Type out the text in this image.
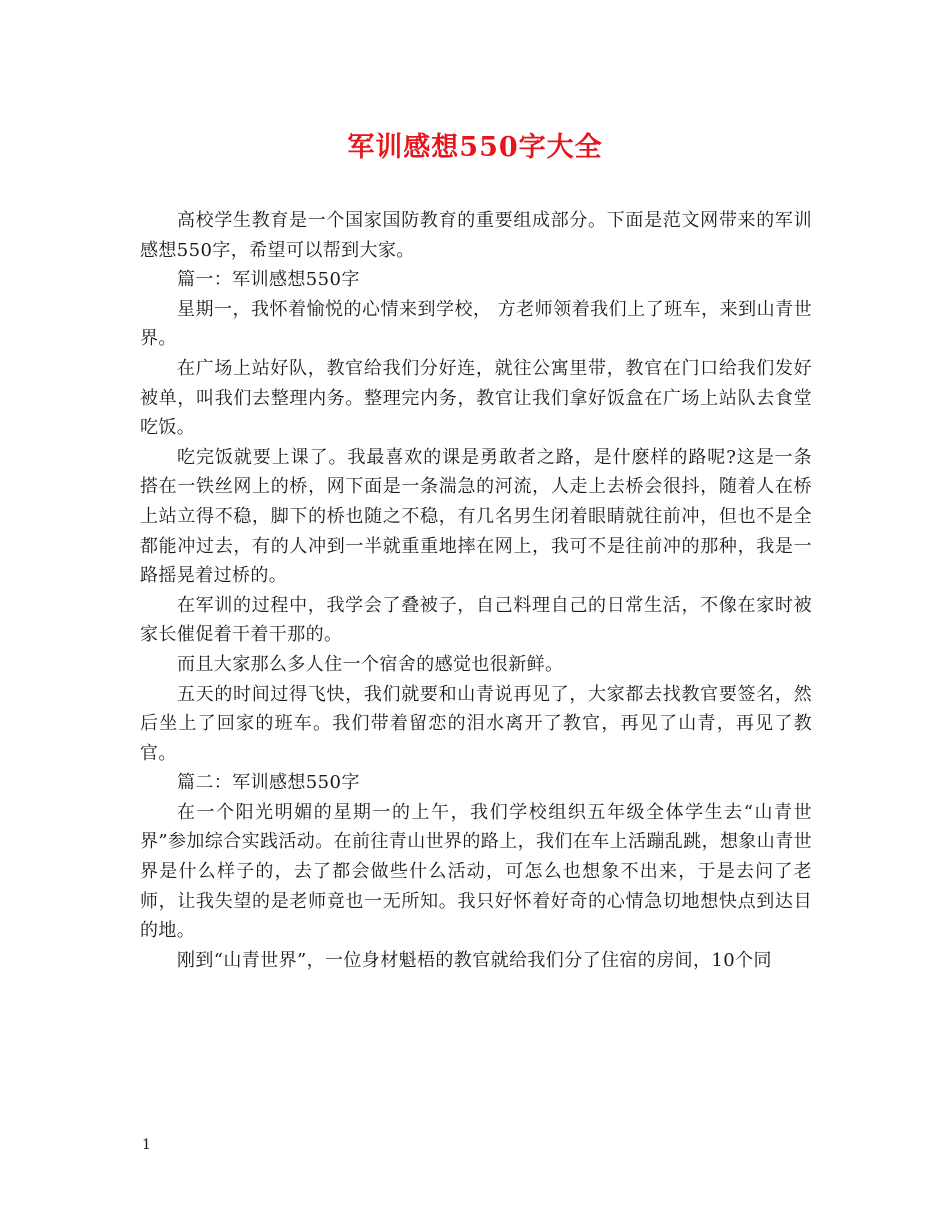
军训感想550字大全

高校学生教育是一个国家国防教育的重要组成部分。下面是范文网带来的军训感想550字，希望可以帮到大家。

篇一：军训感想550字

星期一，我怀着愉悦的心情来到学校， 方老师领着我们上了班车，来到山青世界。

在广场上站好队，教官给我们分好连，就往公寓里带，教官在门口给我们发好被单，叫我们去整理内务。整理完内务，教官让我们拿好饭盒在广场上站队去食堂吃饭。

吃完饭就要上课了。我最喜欢的课是勇敢者之路，是什麽样的路呢?这是一条搭在一铁丝网上的桥，网下面是一条湍急的河流，人走上去桥会很抖，随着人在桥上站立得不稳，脚下的桥也随之不稳，有几名男生闭着眼睛就往前冲，但也不是全都能冲过去，有的人冲到一半就重重地摔在网上，我可不是往前冲的那种，我是一路摇晃着过桥的。

在军训的过程中，我学会了叠被子，自己料理自己的日常生活，不像在家时被家长催促着干着干那的。

而且大家那么多人住一个宿舍的感觉也很新鲜。

五天的时间过得飞快，我们就要和山青说再见了，大家都去找教官要签名，然后坐上了回家的班车。我们带着留恋的泪水离开了教官，再见了山青，再见了教官。

篇二：军训感想550字

在一个阳光明媚的星期一的上午，我们学校组织五年级全体学生去“山青世界”参加综合实践活动。在前往青山世界的路上，我们在车上活蹦乱跳，想象山青世界是什么样子的，去了都会做些什么活动，可怎么也想象不出来，于是去问了老师，让我失望的是老师竟也一无所知。我只好怀着好奇的心情急切地想快点到达目的地。

刚到“山青世界”，一位身材魁梧的教官就给我们分了住宿的房间，10个同

1
